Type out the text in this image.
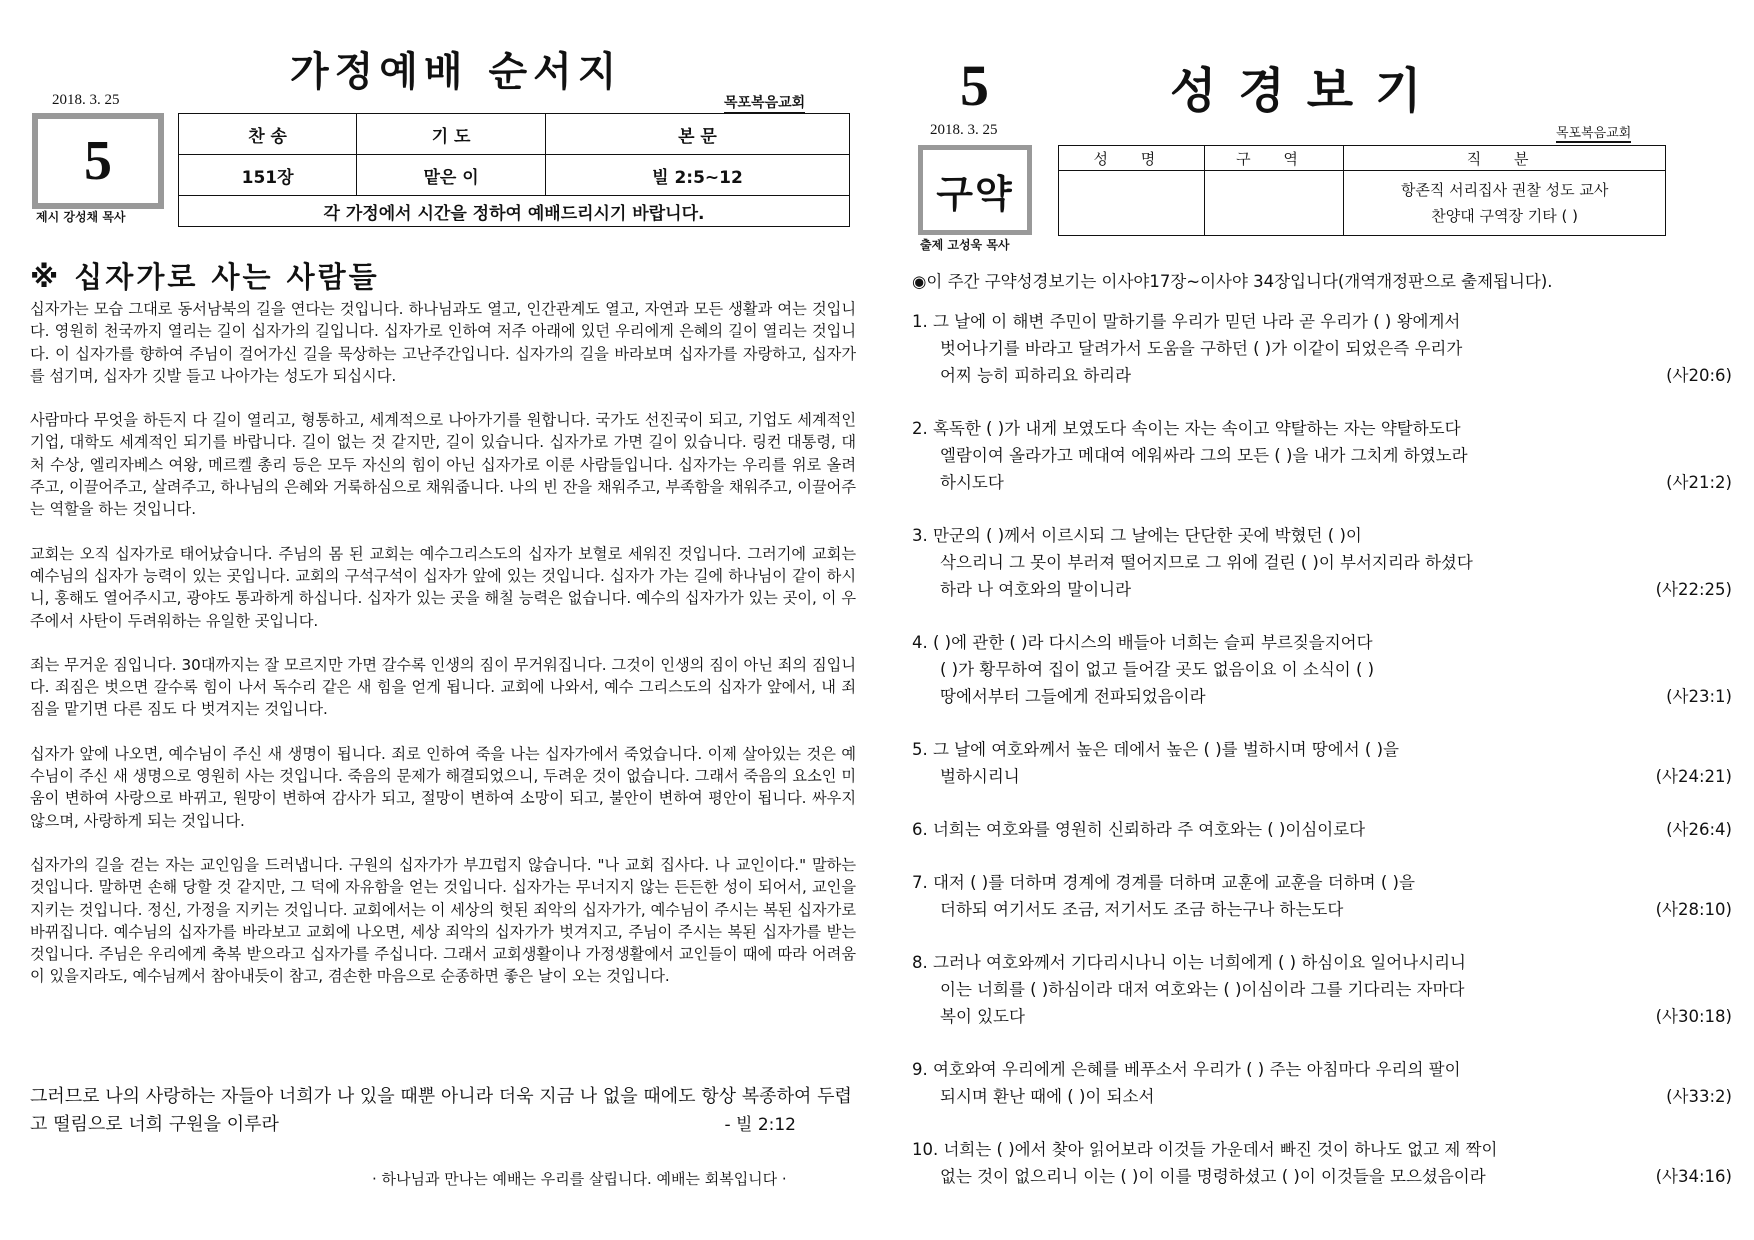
가정예배 순서지
2018. 3. 25	목포복음교회
5
제시 강성채 목사
찬 송	기 도	본 문
151장	맡은 이	빌 2:5~12
각 가정에서 시간을 정하여 예배드리시기 바랍니다.		
※ 십자가로 사는 사람들

십자가는 모습 그대로 동서남북의 길을 연다는 것입니다. 하나님과도 열고, 인간관계도 열고, 자연과 모든 생활과 여는 것입니다. 영원히 천국까지 열리는 길이 십자가의 길입니다. 십자가로 인하여 저주 아래에 있던 우리에게 은혜의 길이 열리는 것입니다. 이 십자가를 향하여 주님이 걸어가신 길을 묵상하는 고난주간입니다. 십자가의 길을 바라보며 십자가를 자랑하고, 십자가를 섬기며, 십자가 깃발 들고 나아가는 성도가 되십시다.

사람마다 무엇을 하든지 다 길이 열리고, 형통하고, 세계적으로 나아가기를 원합니다. 국가도 선진국이 되고, 기업도 세계적인 기업, 대학도 세계적인 되기를 바랍니다. 길이 없는 것 같지만, 길이 있습니다. 십자가로 가면 길이 있습니다. 링컨 대통령, 대처 수상, 엘리자베스 여왕, 메르켈 총리 등은 모두 자신의 힘이 아닌 십자가로 이룬 사람들입니다. 십자가는 우리를 위로 올려주고, 이끌어주고, 살려주고, 하나님의 은혜와 거룩하심으로 채워줍니다. 나의 빈 잔을 채워주고, 부족함을 채워주고, 이끌어주는 역할을 하는 것입니다.

교회는 오직 십자가로 태어났습니다. 주님의 몸 된 교회는 예수그리스도의 십자가 보혈로 세워진 것입니다. 그러기에 교회는 예수님의 십자가 능력이 있는 곳입니다. 교회의 구석구석이 십자가 앞에 있는 것입니다. 십자가 가는 길에 하나님이 같이 하시니, 홍해도 열어주시고, 광야도 통과하게 하십니다. 십자가 있는 곳을 해칠 능력은 없습니다. 예수의 십자가가 있는 곳이, 이 우주에서 사탄이 두려워하는 유일한 곳입니다.

죄는 무거운 짐입니다. 30대까지는 잘 모르지만 가면 갈수록 인생의 짐이 무거워집니다. 그것이 인생의 짐이 아닌 죄의 짐입니다. 죄짐은 벗으면 갈수록 힘이 나서 독수리 같은 새 힘을 얻게 됩니다. 교회에 나와서, 예수 그리스도의 십자가 앞에서, 내 죄짐을 맡기면 다른 짐도 다 벗겨지는 것입니다.

십자가 앞에 나오면, 예수님이 주신 새 생명이 됩니다. 죄로 인하여 죽을 나는 십자가에서 죽었습니다. 이제 살아있는 것은 예수님이 주신 새 생명으로 영원히 사는 것입니다. 죽음의 문제가 해결되었으니, 두려운 것이 없습니다. 그래서 죽음의 요소인 미움이 변하여 사랑으로 바뀌고, 원망이 변하여 감사가 되고, 절망이 변하여 소망이 되고, 불안이 변하여 평안이 됩니다. 싸우지 않으며, 사랑하게 되는 것입니다.

십자가의 길을 걷는 자는 교인임을 드러냅니다. 구원의 십자가가 부끄럽지 않습니다. "나 교회 집사다. 나 교인이다." 말하는 것입니다. 말하면 손해 당할 것 같지만, 그 덕에 자유함을 얻는 것입니다. 십자가는 무너지지 않는 든든한 성이 되어서, 교인을 지키는 것입니다. 정신, 가정을 지키는 것입니다. 교회에서는 이 세상의 헛된 죄악의 십자가가, 예수님이 주시는 복된 십자가로 바뀌집니다. 예수님의 십자가를 바라보고 교회에 나오면, 세상 죄악의 십자가가 벗겨지고, 주님이 주시는 복된 십자가를 받는 것입니다. 주님은 우리에게 축복 받으라고 십자가를 주십니다. 그래서 교회생활이나 가정생활에서 교인들이 때에 따라 어려움이 있을지라도, 예수님께서 참아내듯이 참고, 겸손한 마음으로 순종하면 좋은 날이 오는 것입니다.

그러므로 나의 사랑하는 자들아 너희가 나 있을 때뿐 아니라 더욱 지금 나 없을 때에도 항상 복종하여 두렵고 떨림으로 너희 구원을 이루라	- 빌 2:12
· 하나님과 만나는 예배는 우리를 살립니다. 예배는 회복입니다 ·
5	성경보기
2018. 3. 25	목포복음교회
구약
출제 고성욱 목사
성 명	구 역	직 분

		항존직 서리집사 권찰 성도 교사
찬양대 구역장 기타 ( )
◉이 주간 구약성경보기는 이사야17장~이사야 34장입니다(개역개정판으로 출제됩니다).
1. 그 날에 이 해변 주민이 말하기를 우리가 믿던 나라 곧 우리가 ( ) 왕에게서
벗어나기를 바라고 달려가서 도움을 구하던 ( )가 이같이 되었은즉 우리가
어찌 능히 피하리요 하리라	(사20:6)
2. 혹독한 ( )가 내게 보였도다 속이는 자는 속이고 약탈하는 자는 약탈하도다
엘람이여 올라가고 메대여 에워싸라 그의 모든 ( )을 내가 그치게 하였노라
하시도다	(사21:2)
3. 만군의 ( )께서 이르시되 그 날에는 단단한 곳에 박혔던 ( )이
삭으리니 그 못이 부러져 떨어지므로 그 위에 걸린 ( )이 부서지리라 하셨다
하라 나 여호와의 말이니라	(사22:25)
4. ( )에 관한 ( )라 다시스의 배들아 너희는 슬피 부르짖을지어다
( )가 황무하여 집이 없고 들어갈 곳도 없음이요 이 소식이 ( )
땅에서부터 그들에게 전파되었음이라	(사23:1)
5. 그 날에 여호와께서 높은 데에서 높은 ( )를 벌하시며 땅에서 ( )을
벌하시리니	(사24:21)
6. 너희는 여호와를 영원히 신뢰하라 주 여호와는 ( )이심이로다	(사26:4)
7. 대저 ( )를 더하며 경계에 경계를 더하며 교훈에 교훈을 더하며 ( )을
더하되 여기서도 조금, 저기서도 조금 하는구나 하는도다	(사28:10)
8. 그러나 여호와께서 기다리시나니 이는 너희에게 ( ) 하심이요 일어나시리니
이는 너희를 ( )하심이라 대저 여호와는 ( )이심이라 그를 기다리는 자마다
복이 있도다	(사30:18)
9. 여호와여 우리에게 은혜를 베푸소서 우리가 ( ) 주는 아침마다 우리의 팔이
되시며 환난 때에 ( )이 되소서	(사33:2)
10. 너희는 ( )에서 찾아 읽어보라 이것들 가운데서 빠진 것이 하나도 없고 제 짝이
없는 것이 없으리니 이는 ( )이 이를 명령하셨고 ( )이 이것들을 모으셨음이라	(사34:16)
